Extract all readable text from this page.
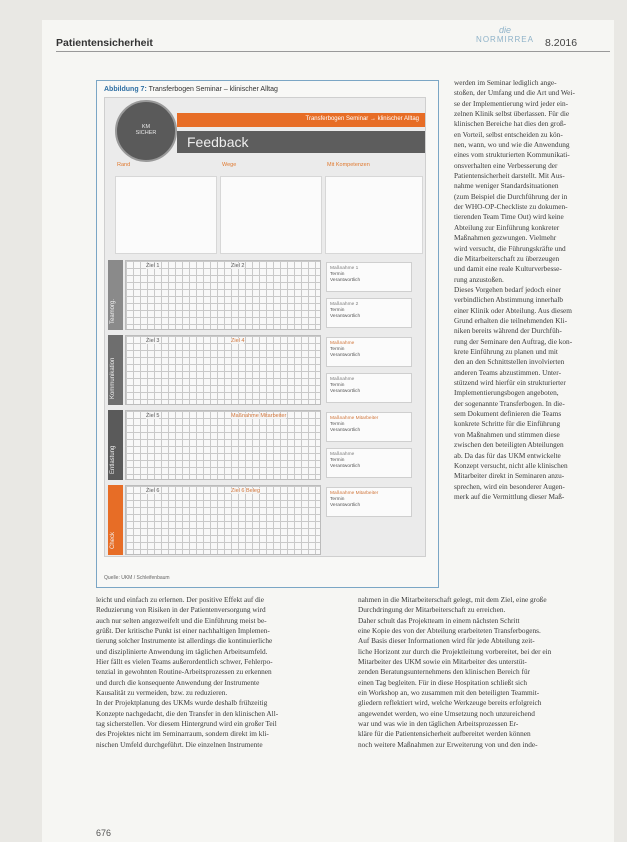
Patientensicherheit
die
NORMIRREA	8.2016
Abbildung 7: Transferbogen Seminar – klinischer Alltag
KM
SICHER
Transferbogen Seminar → klinischer Alltag
Feedback
Rand	Wege	Mit Kompetenzen
Teamorg.
Ziel 1	Ziel 2	Maßnahme 1
Termin
Verantwortlich
Maßnahme 2
Termin
Verantwortlich
Kommunikation
Ziel 3	Ziel 4	Maßnahme
Termin
Verantwortlich
Maßnahme
Termin
Verantwortlich
Entlastung
Ziel 5	Maßnahme Mitarbeiter	Maßnahme Mitarbeiter
Termin
Verantwortlich
Maßnahme
Termin
Verantwortlich
Check
Ziel 6	Ziel 6 Beleg	Maßnahme Mitarbeiter
Termin
Verantwortlich
Quelle: UKM / Schleifenbaum
werden im Seminar lediglich ange-
stoßen, der Umfang und die Art und Wei-
se der Implementierung wird jeder ein-
zelnen Klinik selbst überlassen. Für die
klinischen Bereiche hat dies den groß-
en Vorteil, selbst entscheiden zu kön-
nen, wann, wo und wie die Anwendung
eines vom strukturierten Kommunikati-
onsverhalten eine Verbesserung der
Patientensicherheit darstellt. Mit Aus-
nahme weniger Standardsituationen
(zum Beispiel die Durchführung der in
der WHO-OP-Checkliste zu dokumen-
tierenden Team Time Out) wird keine
Abteilung zur Einführung konkreter
Maßnahmen gezwungen. Vielmehr
wird versucht, die Führungskräfte und
die Mitarbeiterschaft zu überzeugen
und damit eine reale Kulturverbesse-
rung anzustoßen.
Dieses Vorgehen bedarf jedoch einer
verbindlichen Abstimmung innerhalb
einer Klinik oder Abteilung. Aus diesem
Grund erhalten die teilnehmenden Kli-
niken bereits während der Durchfüh-
rung der Seminare den Auftrag, die kon-
krete Einführung zu planen und mit
den an den Schnittstellen involvierten
anderen Teams abzustimmen. Unter-
stützend wird hierfür ein strukturierter
Implementierungsbogen angeboten,
der sogenannte Transferbogen. In die-
sem Dokument definieren die Teams
konkrete Schritte für die Einführung
von Maßnahmen und stimmen diese
zwischen den beteiligten Abteilungen
ab. Da das für das UKM entwickelte
Konzept versucht, nicht alle klinischen
Mitarbeiter direkt in Seminaren anzu-
sprechen, wird ein besonderer Augen-
merk auf die Vermittlung dieser Maß-
leicht und einfach zu erlernen. Der positive Effekt auf die
Reduzierung von Risiken in der Patientenversorgung wird
auch nur selten angezweifelt und die Einführung meist be-
grüßt. Der kritische Punkt ist einer nachhaltigen Implemen-
tierung solcher Instrumente ist allerdings die kontinuierliche
und disziplinierte Anwendung im täglichen Arbeitsumfeld.
Hier fällt es vielen Teams außerordentlich schwer, Fehlerpo-
tenzial in gewohnten Routine-Arbeitsprozessen zu erkennen
und durch die konsequente Anwendung der Instrumente
Kausalität zu vermeiden, bzw. zu reduzieren.
In der Projektplanung des UKMs wurde deshalb frühzeitig
Konzepte nachgedacht, die den Transfer in den klinischen All-
tag sicherstellen. Vor diesem Hintergrund wird ein großer Teil
des Projektes nicht im Seminarraum, sondern direkt im kli-
nischen Umfeld durchgeführt. Die einzelnen Instrumente
nahmen in die Mitarbeiterschaft gelegt, mit dem Ziel, eine große
Durchdringung der Mitarbeiterschaft zu erreichen.
Daher schult das Projektteam in einem nächsten Schritt
eine Kopie des von der Abteilung erarbeiteten Transferbogens.
Auf Basis dieser Informationen wird für jede Abteilung zeit-
liche Horizont zur durch die Projektleitung vorbereitet, bei der ein
Mitarbeiter des UKM sowie ein Mitarbeiter des unterstüt-
zenden Beratungsunternehmens den klinischen Bereich für
einen Tag begleiten. Für in diese Hospitation schließt sich
ein Workshop an, wo zusammen mit den beteiligten Teammit-
gliedern reflektiert wird, welche Werkzeuge bereits erfolgreich
angewendet werden, wo eine Umsetzung noch unzureichend
war und was wie in den täglichen Arbeitsprozessen Er-
kläre für die Patientensicherheit aufbereitet werden können
noch weitere Maßnahmen zur Erweiterung von und den inde-
676
